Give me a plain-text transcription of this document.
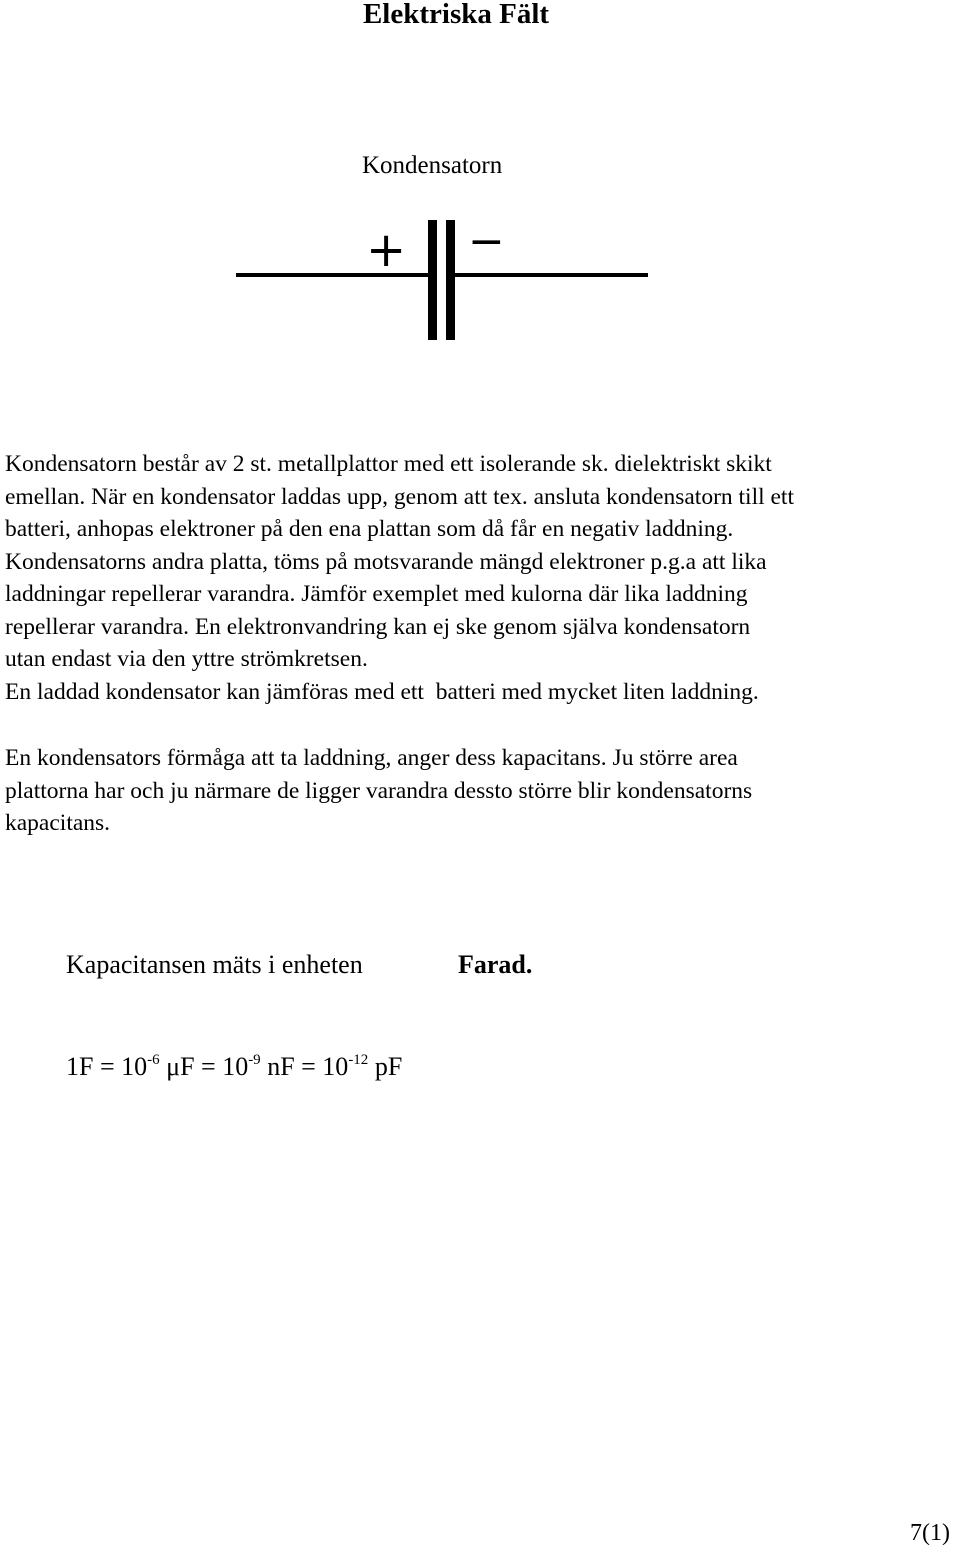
Elektriska Fält
Kondensatorn
+ −
Kondensatorn består av 2 st. metallplattor med ett isolerande sk. dielektriskt skikt
emellan. När en kondensator laddas upp, genom att tex. ansluta kondensatorn till ett
batteri, anhopas elektroner på den ena plattan som då får en negativ laddning.
Kondensatorns andra platta, töms på motsvarande mängd elektroner p.g.a att lika
laddningar repellerar varandra. Jämför exemplet med kulorna där lika laddning
repellerar varandra. En elektronvandring kan ej ske genom själva kondensatorn
utan endast via den yttre strömkretsen.
En laddad kondensator kan jämföras med ett  batteri med mycket liten laddning.
En kondensators förmåga att ta laddning, anger dess kapacitans. Ju större area
plattorna har och ju närmare de ligger varandra dessto större blir kondensatorns
kapacitans.

Kapacitansen mäts i enheten	Farad.

$1F = 10^{-6}$ $\mu F = 10^{-9}$ nF = $10^{-12}$ pF

7(1)
